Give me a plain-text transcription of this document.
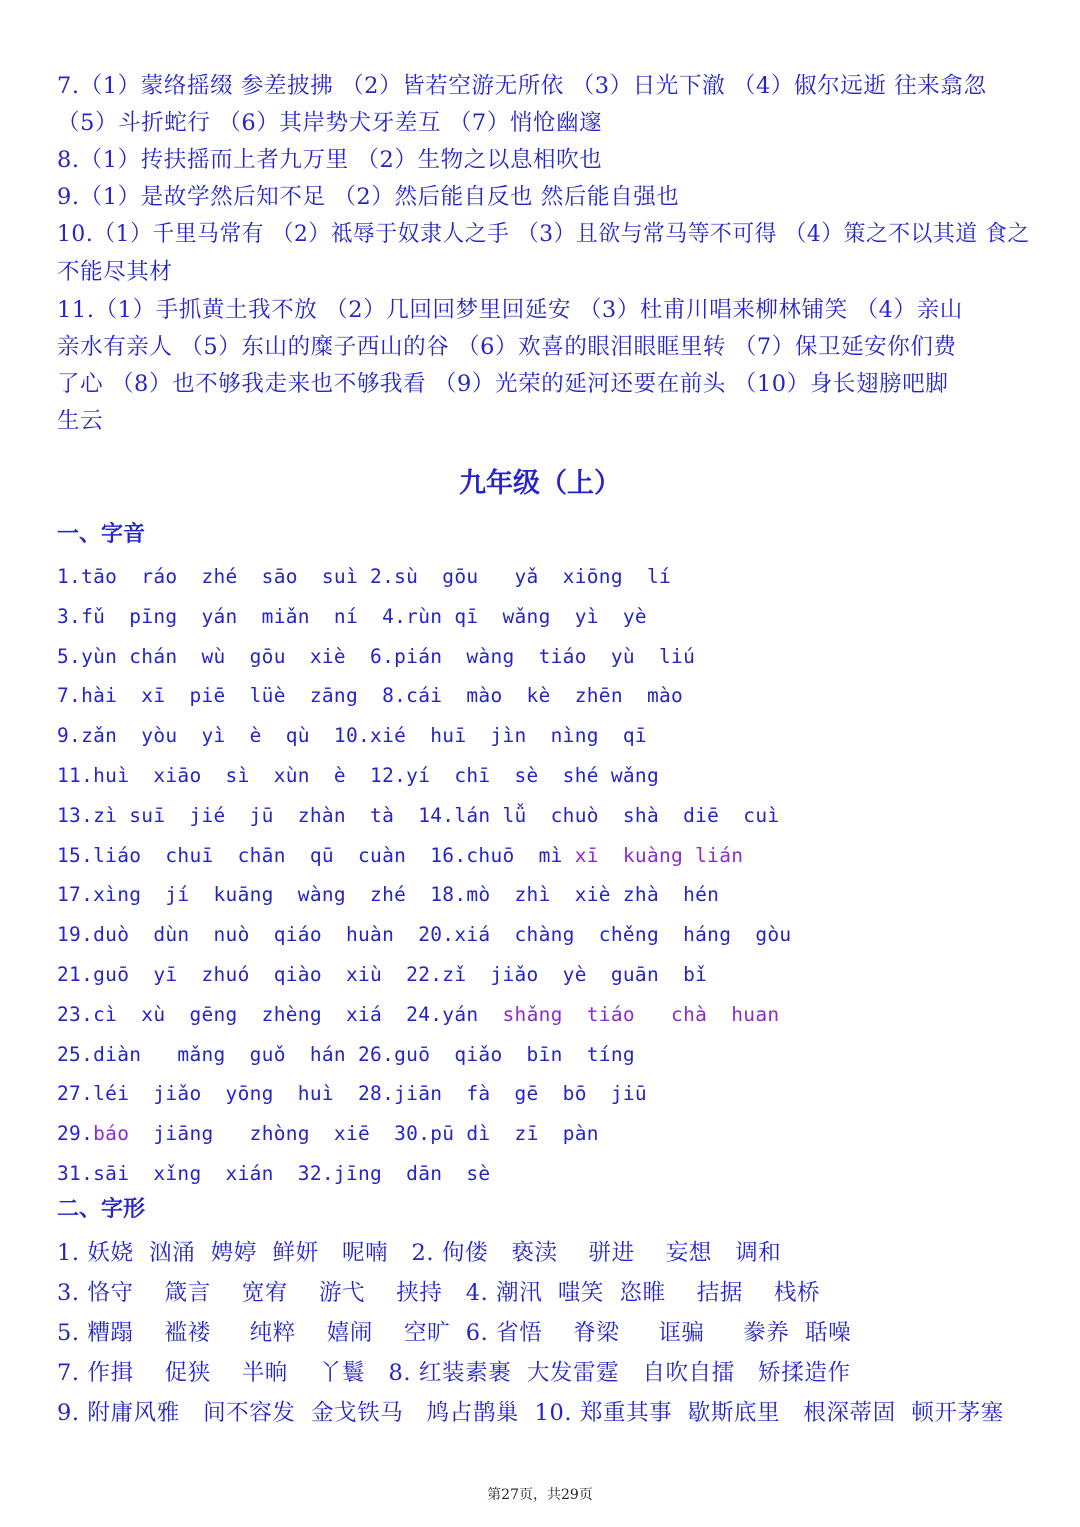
7.（1）蒙络摇缀 参差披拂 （2）皆若空游无所依 （3）日光下澈 （4）俶尔远逝 往来翕忽
（5）斗折蛇行 （6）其岸势犬牙差互 （7）悄怆幽邃
8.（1）抟扶摇而上者九万里 （2）生物之以息相吹也
9.（1）是故学然后知不足 （2）然后能自反也 然后能自强也
10.（1）千里马常有 （2）祗辱于奴隶人之手 （3）且欲与常马等不可得 （4）策之不以其道 食之
不能尽其材
11.（1）手抓黄土我不放 （2）几回回梦里回延安 （3）杜甫川唱来柳林铺笑 （4）亲山
亲水有亲人 （5）东山的糜子西山的谷 （6）欢喜的眼泪眼眶里转 （7）保卫延安你们费
了心 （8）也不够我走来也不够我看 （9）光荣的延河还要在前头 （10）身长翅膀吧脚
生云
九年级（上）
一、字音
1.tāo  ráo  zhé  sāo  suì 2.sù  gōu   yǎ  xiōng  lí
3.fǔ  pīng  yán  miǎn  ní  4.rùn qī  wǎng  yì  yè
5.yùn chán  wù  gōu  xiè  6.pián  wàng  tiáo  yù  liú
7.hài  xī  piē  lüè  zāng  8.cái  mào  kè  zhēn  mào
9.zǎn  yòu  yì  è  qù  10.xié  huī  jìn  nìng  qī
11.huì  xiāo  sì  xùn  è  12.yí  chī  sè  shé wǎng
13.zì suī  jié  jū  zhàn  tà  14.lán lǚ  chuò  shà  diē  cuì
15.liáo  chuī  chān  qū  cuàn  16.chuō  mì xī  kuàng lián
17.xìng  jí  kuāng  wàng  zhé  18.mò  zhì  xiè zhà  hén
19.duò  dùn  nuò  qiáo  huàn  20.xiá  chàng  chěng  háng  gòu
21.guō  yī  zhuó  qiào  xiù  22.zǐ  jiǎo  yè  guān  bǐ
23.cì  xù  gēng  zhèng  xiá  24.yán  shǎng  tiáo   chà  huan
25.diàn   mǎng  guǒ  hán 26.guō  qiǎo  bīn  tíng
27.léi  jiǎo  yōng  huì  28.jiān  fà  gē  bō  jiū
29.báo  jiāng   zhòng  xiē  30.pū dì  zī  pàn
31.sāi  xǐng  xián  32.jīng  dān  sè
二、字形
1. 妖娆  汹涌  娉婷  鲜妍   呢喃   2. 佝偻   亵渎    骈进    妄想   调和
3. 恪守    箴言    宽宥    游弋    挟持   4. 潮汛  嗤笑  恣睢    拮据    栈桥
5. 糟蹋    褴褛     纯粹    嬉闹    空旷  6. 省悟    脊梁     诓骗     豢养  聒噪
7. 作揖    促狭    半晌    丫鬟   8. 红装素裹  大发雷霆   自吹自擂   矫揉造作
9. 附庸风雅   间不容发  金戈铁马   鸠占鹊巢  10. 郑重其事  歇斯底里   根深蒂固  顿开茅塞
第27页，共29页
